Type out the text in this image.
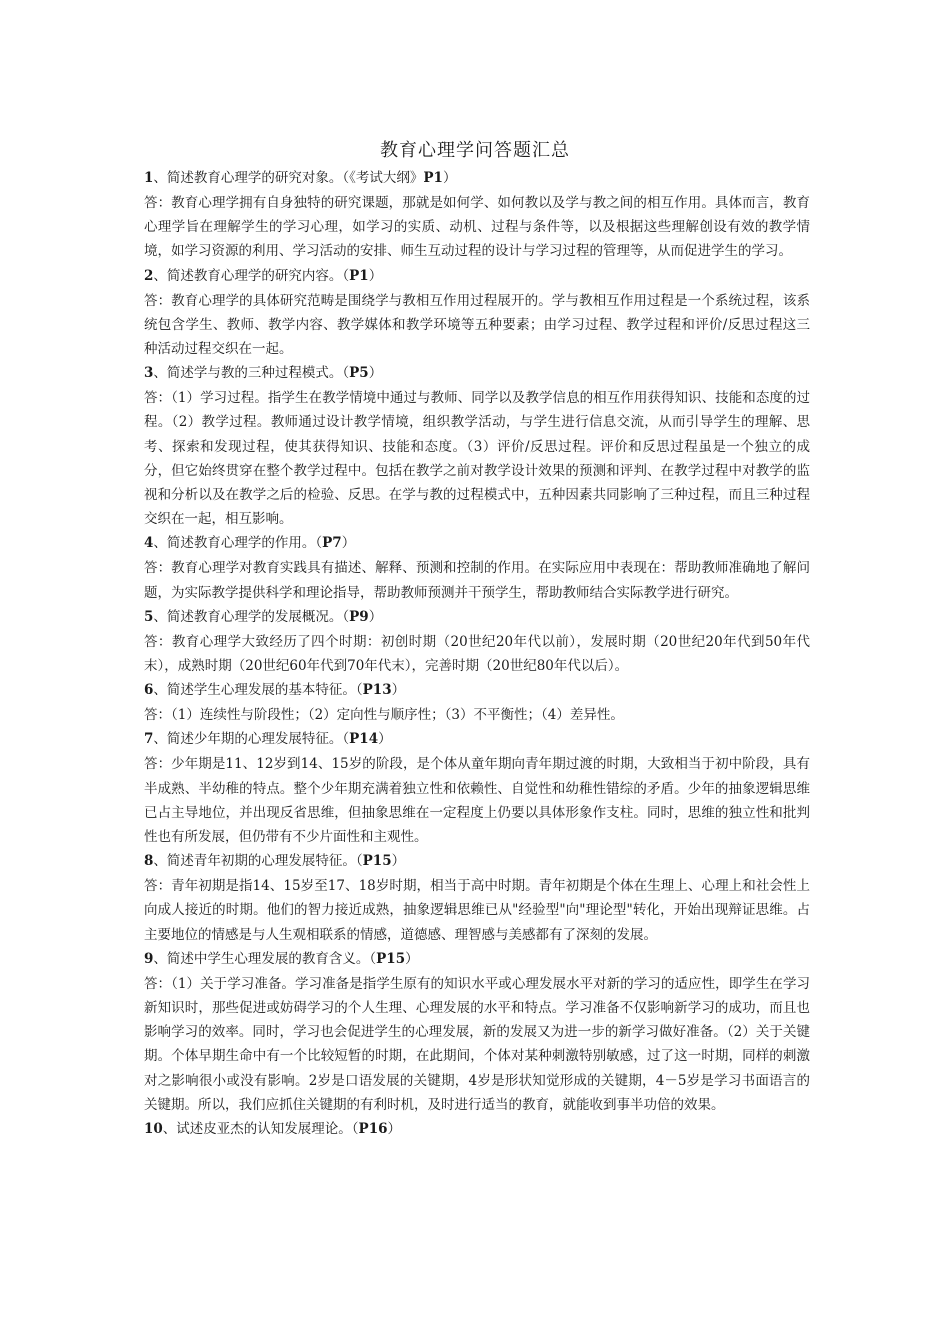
教育心理学问答题汇总

1、简述教育心理学的研究对象。（《考试大纲》P1）

答：教育心理学拥有自身独特的研究课题，那就是如何学、如何教以及学与教之间的相互作用。具体而言，教育心理学旨在理解学生的学习心理，如学习的实质、动机、过程与条件等，以及根据这些理解创设有效的教学情境，如学习资源的利用、学习活动的安排、师生互动过程的设计与学习过程的管理等，从而促进学生的学习。

2、简述教育心理学的研究内容。（P1）

答：教育心理学的具体研究范畴是围绕学与教相互作用过程展开的。学与教相互作用过程是一个系统过程，该系统包含学生、教师、教学内容、教学媒体和教学环境等五种要素；由学习过程、教学过程和评价/反思过程这三种活动过程交织在一起。

3、简述学与教的三种过程模式。（P5）

答：（1）学习过程。指学生在教学情境中通过与教师、同学以及教学信息的相互作用获得知识、技能和态度的过程。（2）教学过程。教师通过设计教学情境，组织教学活动，与学生进行信息交流，从而引导学生的理解、思考、探索和发现过程，使其获得知识、技能和态度。（3）评价/反思过程。评价和反思过程虽是一个独立的成分，但它始终贯穿在整个教学过程中。包括在教学之前对教学设计效果的预测和评判、在教学过程中对教学的监视和分析以及在教学之后的检验、反思。在学与教的过程模式中，五种因素共同影响了三种过程，而且三种过程交织在一起，相互影响。

4、简述教育心理学的作用。（P7）

答：教育心理学对教育实践具有描述、解释、预测和控制的作用。在实际应用中表现在：帮助教师准确地了解问题，为实际教学提供科学和理论指导，帮助教师预测并干预学生，帮助教师结合实际教学进行研究。

5、简述教育心理学的发展概况。（P9）

答：教育心理学大致经历了四个时期：初创时期（20世纪20年代以前），发展时期（20世纪20年代到50年代末），成熟时期（20世纪60年代到70年代末），完善时期（20世纪80年代以后）。

6、简述学生心理发展的基本特征。（P13）

答：（1）连续性与阶段性；（2）定向性与顺序性；（3）不平衡性；（4）差异性。

7、简述少年期的心理发展特征。（P14）

答：少年期是11、12岁到14、15岁的阶段，是个体从童年期向青年期过渡的时期，大致相当于初中阶段，具有半成熟、半幼稚的特点。整个少年期充满着独立性和依赖性、自觉性和幼稚性错综的矛盾。少年的抽象逻辑思维已占主导地位，并出现反省思维，但抽象思维在一定程度上仍要以具体形象作支柱。同时，思维的独立性和批判性也有所发展，但仍带有不少片面性和主观性。

8、简述青年初期的心理发展特征。（P15）

答：青年初期是指14、15岁至17、18岁时期，相当于高中时期。青年初期是个体在生理上、心理上和社会性上向成人接近的时期。他们的智力接近成熟，抽象逻辑思维已从"经验型"向"理论型"转化，开始出现辩证思维。占主要地位的情感是与人生观相联系的情感，道德感、理智感与美感都有了深刻的发展。

9、简述中学生心理发展的教育含义。（P15）

答：（1）关于学习准备。学习准备是指学生原有的知识水平或心理发展水平对新的学习的适应性，即学生在学习新知识时，那些促进或妨碍学习的个人生理、心理发展的水平和特点。学习准备不仅影响新学习的成功，而且也影响学习的效率。同时，学习也会促进学生的心理发展，新的发展又为进一步的新学习做好准备。（2）关于关键期。个体早期生命中有一个比较短暂的时期，在此期间，个体对某种刺激特别敏感，过了这一时期，同样的刺激对之影响很小或没有影响。2岁是口语发展的关键期，4岁是形状知觉形成的关键期，4－5岁是学习书面语言的关键期。所以，我们应抓住关键期的有利时机，及时进行适当的教育，就能收到事半功倍的效果。

10、试述皮亚杰的认知发展理论。（P16）
